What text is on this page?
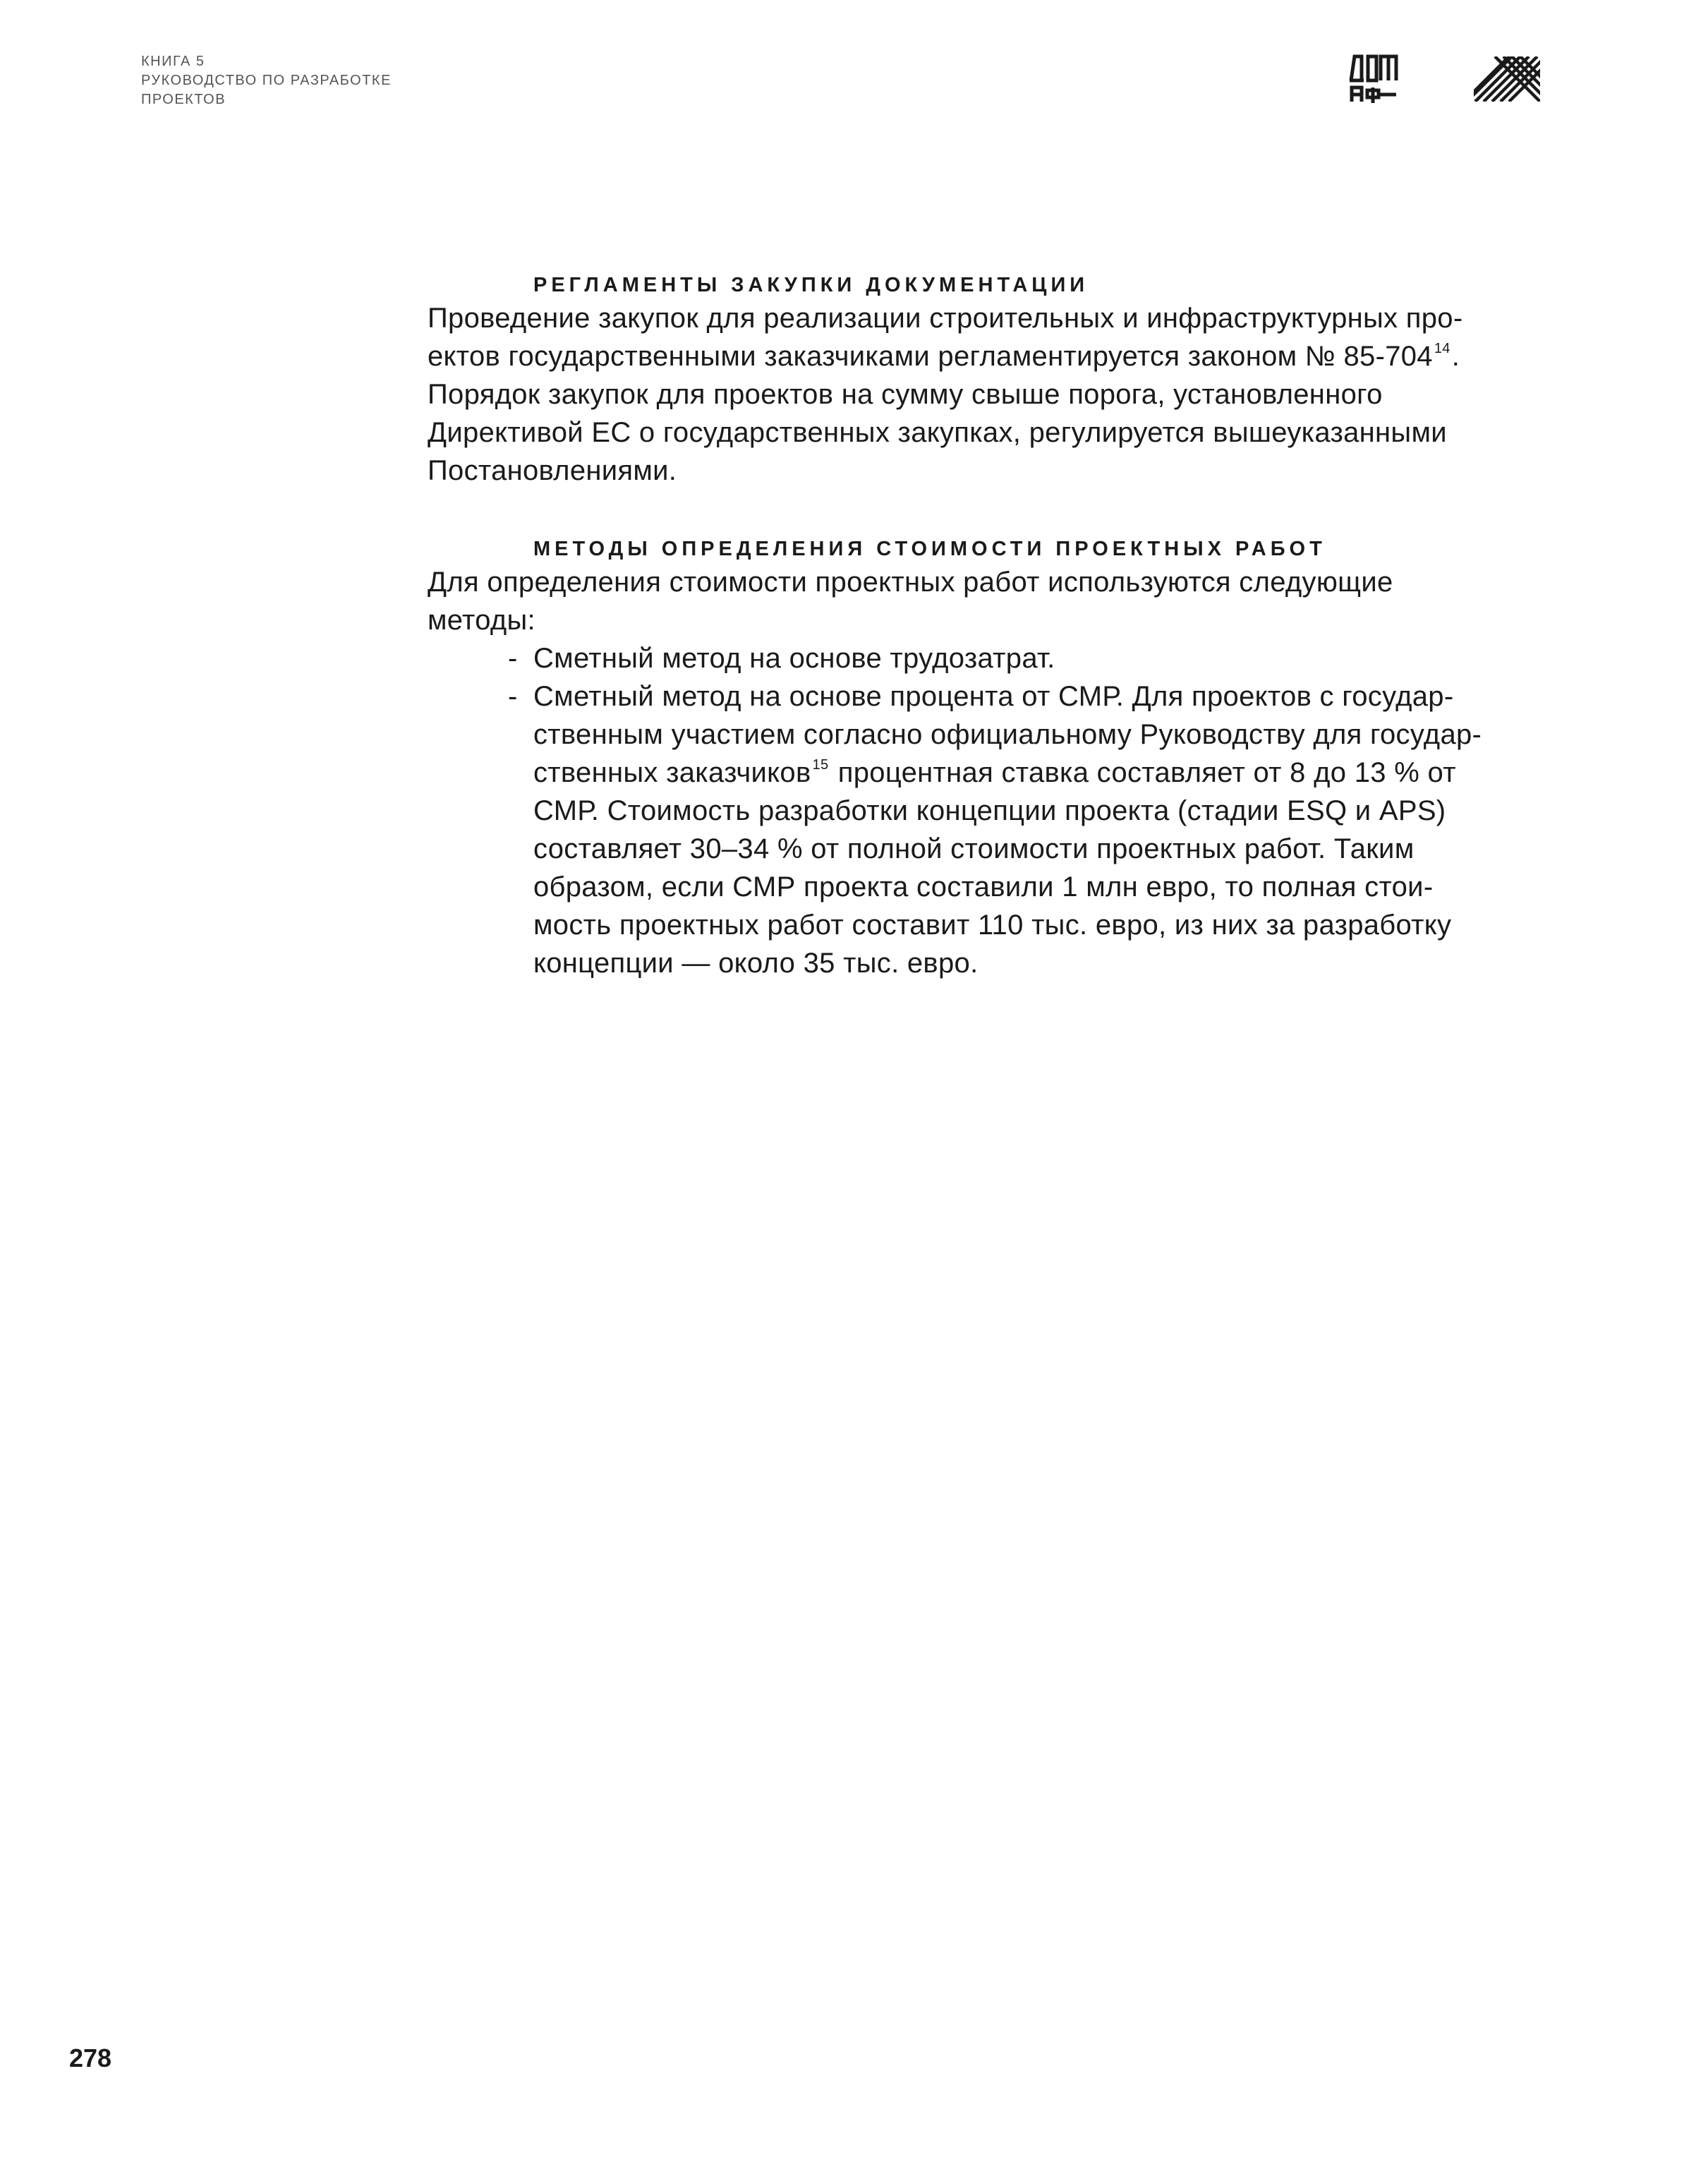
КНИГА 5
РУКОВОДСТВО ПО РАЗРАБОТКЕ
ПРОЕКТОВ
РЕГЛАМЕНТЫ ЗАКУПКИ ДОКУМЕНТАЦИИ

Проведение закупок для реализации строительных и инфраструктурных про-
ектов государственными заказчиками регламентируется законом № 85-704 $^{14}$.
Порядок закупок для проектов на сумму свыше порога, установленного
Директивой ЕС о государственных закупках, регулируется вышеуказанными
Постановлениями.

МЕТОДЫ ОПРЕДЕЛЕНИЯ СТОИМОСТИ ПРОЕКТНЫХ РАБОТ

Для определения стоимости проектных работ используются следующие
методы:

- Сметный метод на основе трудозатрат.
- Сметный метод на основе процента от СМР. Для проектов с государ-
ственным участием согласно официальному Руководству для государ-
ственных заказчиков $^{15}$ процентная ставка составляет от 8 до 13 % от
СМР. Стоимость разработки концепции проекта (стадии ESQ и APS)
составляет 30–34 % от полной стоимости проектных работ. Таким
образом, если СМР проекта составили 1 млн евро, то полная стои-
мость проектных работ составит 110 тыс. евро, из них за разработку
концепции — около 35 тыс. евро.
278
